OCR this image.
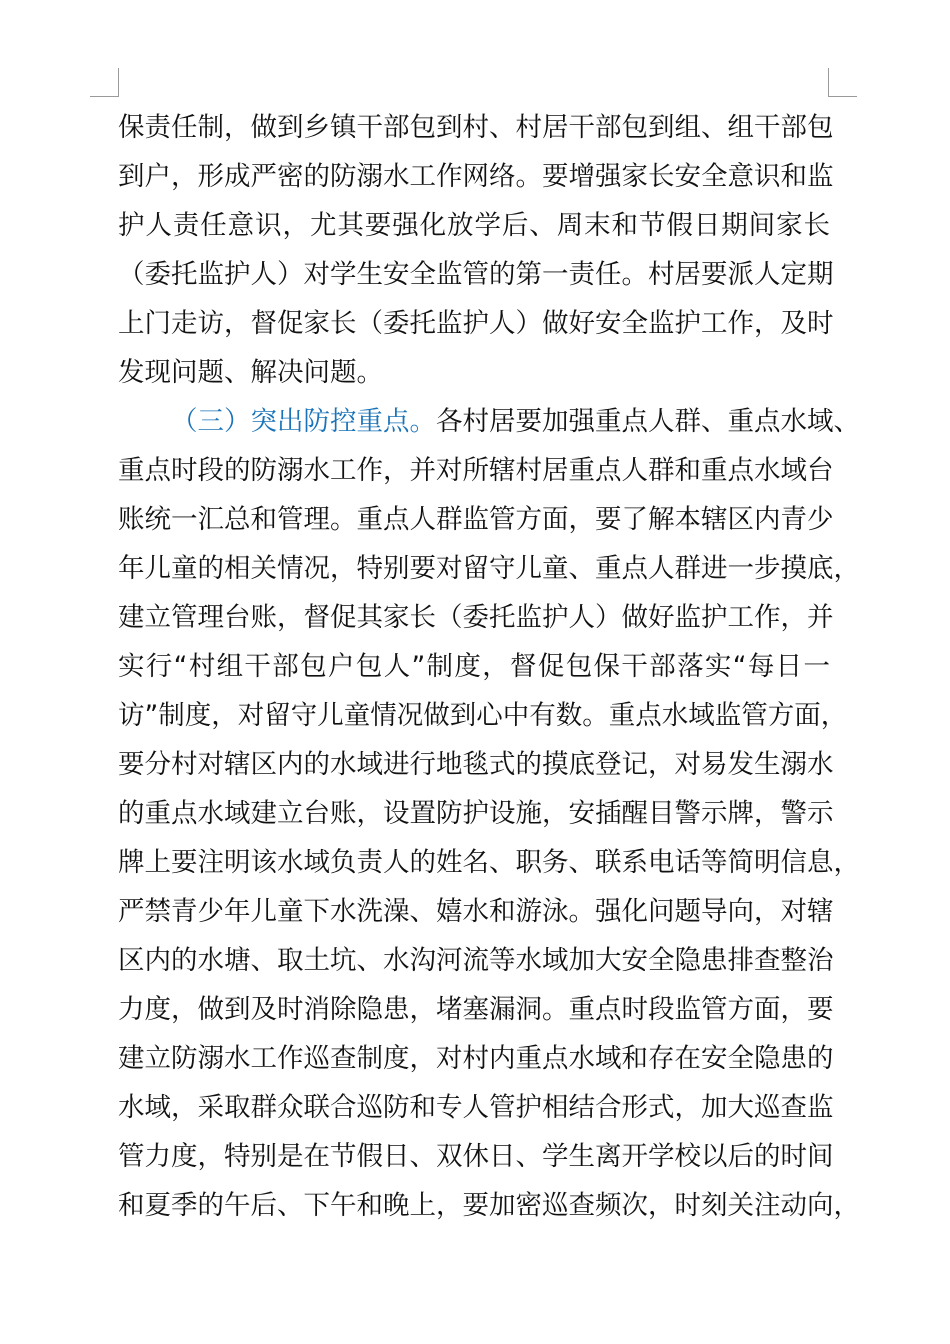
保责任制，做到乡镇干部包到村、村居干部包到组、组干部包
到户，形成严密的防溺水工作网络。要增强家长安全意识和监
护人责任意识，尤其要强化放学后、周末和节假日期间家长
（委托监护人）对学生安全监管的第一责任。村居要派人定期
上门走访，督促家长（委托监护人）做好安全监护工作，及时
发现问题、解决问题。
（三）突出防控重点。各村居要加强重点人群、重点水域、
重点时段的防溺水工作，并对所辖村居重点人群和重点水域台
账统一汇总和管理。重点人群监管方面，要了解本辖区内青少
年儿童的相关情况，特别要对留守儿童、重点人群进一步摸底，
建立管理台账，督促其家长（委托监护人）做好监护工作，并
实行“村组干部包户包人”制度，督促包保干部落实“每日一
访”制度，对留守儿童情况做到心中有数。重点水域监管方面，
要分村对辖区内的水域进行地毯式的摸底登记，对易发生溺水
的重点水域建立台账，设置防护设施，安插醒目警示牌，警示
牌上要注明该水域负责人的姓名、职务、联系电话等简明信息，
严禁青少年儿童下水洗澡、嬉水和游泳。强化问题导向，对辖
区内的水塘、取土坑、水沟河流等水域加大安全隐患排查整治
力度，做到及时消除隐患，堵塞漏洞。重点时段监管方面，要
建立防溺水工作巡查制度，对村内重点水域和存在安全隐患的
水域，采取群众联合巡防和专人管护相结合形式，加大巡查监
管力度，特别是在节假日、双休日、学生离开学校以后的时间
和夏季的午后、下午和晚上，要加密巡查频次，时刻关注动向，
